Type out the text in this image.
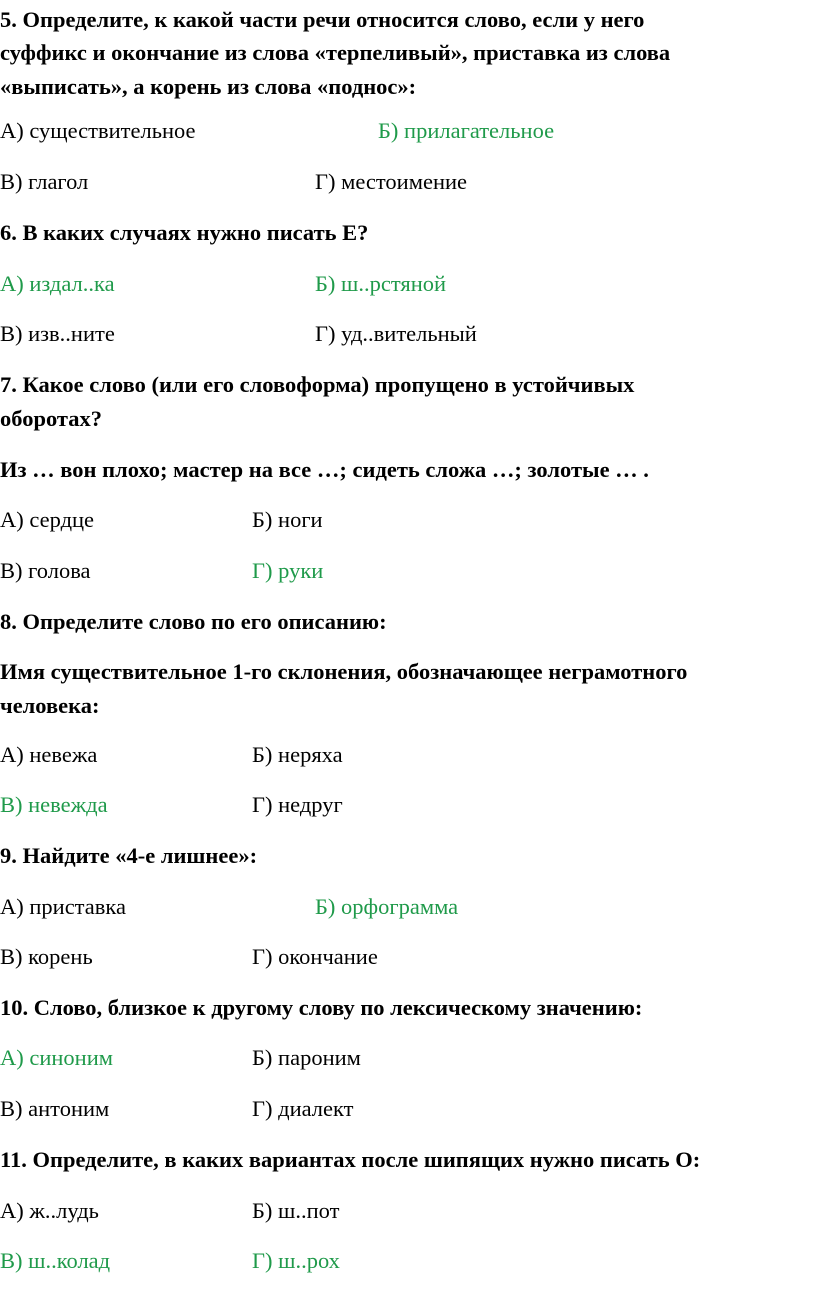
5. Определите, к какой части речи относится слово, если у него

суффикс и окончание из слова «терпеливый», приставка из слова

«выписать», а корень из слова «поднос»:

А) существительное	Б) прилагательное

В) глагол	Г) местоимение

6. В каких случаях нужно писать Е?

А) издал..ка	Б) ш..рстяной

В) изв..ните	Г) уд..вительный

7. Какое слово (или его словоформа) пропущено в устойчивых

оборотах?

Из … вон плохо; мастер на все …; сидеть сложа …; золотые … .

А) сердце	Б) ноги

В) голова	Г) руки

8. Определите слово по его описанию:

Имя существительное 1-го склонения, обозначающее неграмотного

человека:

А) невежа	Б) неряха

В) невежда	Г) недруг

9. Найдите «4-е лишнее»:

А) приставка	Б) орфограмма

В) корень	Г) окончание

10. Слово, близкое к другому слову по лексическому значению:

А) синоним	Б) пароним

В) антоним	Г) диалект

11. Определите, в каких вариантах после шипящих нужно писать О:

А) ж..лудь	Б) ш..пот

В) ш..колад	Г) ш..рох
